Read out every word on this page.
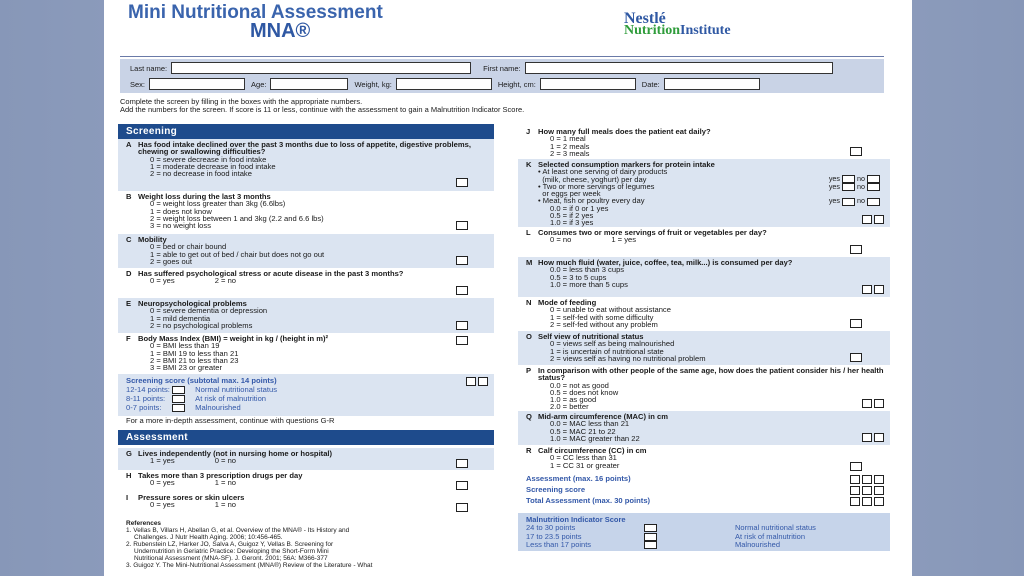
Mini Nutritional Assessment
MNA®
Nestlé
NutritionInstitute
Last name:	First name:
Sex:	Age:	Weight, kg:	Height, cm:	Date:
Complete the screen by filling in the boxes with the appropriate numbers.
Add the numbers for the screen. If score is 11 or less, continue with the assessment to gain a Malnutrition Indicator Score.
Screening
A Has food intake declined over the past 3 months due to loss of appetite, digestive problems, chewing or swallowing difficulties?
0 = severe decrease in food intake
1 = moderate decrease in food intake
2 = no decrease in food intake
B Weight loss during the last 3 months
0 = weight loss greater than 3kg (6.6lbs)
1 = does not know
2 = weight loss between 1 and 3kg (2.2 and 6.6 lbs)
3 = no weight loss
C Mobility
0 = bed or chair bound
1 = able to get out of bed / chair but does not go out
2 = goes out
D Has suffered psychological stress or acute disease in the past 3 months?
0 = yes	2 = no
E Neuropsychological problems
0 = severe dementia or depression
1 = mild dementia
2 = no psychological problems
F Body Mass Index (BMI) = weight in kg / (height in m)²
0 = BMI less than 19
1 = BMI 19 to less than 21
2 = BMI 21 to less than 23
3 = BMI 23 or greater
Screening score (subtotal max. 14 points)
12-14 points:	Normal nutritional status
8-11 points:	At risk of malnutrition
0-7 points:	Malnourished
For a more in-depth assessment, continue with questions G-R
Assessment
G Lives independently (not in nursing home or hospital)
1 = yes	0 = no
H Takes more than 3 prescription drugs per day
0 = yes	1 = no
I Pressure sores or skin ulcers
0 = yes	1 = no
References
1. Vellas B, Villars H, Abellan G, et al. Overview of the MNA® - Its History and
Challenges. J Nutr Health Aging. 2006; 10:456-465.
2. Rubenstein LZ, Harker JO, Salva A, Guigoz Y, Vellas B. Screening for
Undernutrition in Geriatric Practice: Developing the Short-Form Mini
Nutritional Assessment (MNA-SF). J. Geront. 2001; 56A: M366-377
3. Guigoz Y. The Mini-Nutritional Assessment (MNA®) Review of the Literature - What
J How many full meals does the patient eat daily?
0 = 1 meal
1 = 2 meals
2 = 3 meals
K Selected consumption markers for protein intake
• At least one serving of dairy products
(milk, cheese, yoghurt) per day	yes no
• Two or more servings of legumes
or eggs per week
yes no
• Meat, fish or poultry every day	yes no
0.0 = if 0 or 1 yes
0.5 = if 2 yes
1.0 = if 3 yes
L Consumes two or more servings of fruit or vegetables per day?
0 = no	1 = yes
M How much fluid (water, juice, coffee, tea, milk...) is consumed per day?
0.0 = less than 3 cups
0.5 = 3 to 5 cups
1.0 = more than 5 cups
N Mode of feeding
0 = unable to eat without assistance
1 = self-fed with some difficulty
2 = self-fed without any problem
O Self view of nutritional status
0 = views self as being malnourished
1 = is uncertain of nutritional state
2 = views self as having no nutritional problem
P In comparison with other people of the same age, how does the patient consider his / her health status?
0.0 = not as good
0.5 = does not know
1.0 = as good
2.0 = better
Q Mid-arm circumference (MAC) in cm
0.0 = MAC less than 21
0.5 = MAC 21 to 22
1.0 = MAC greater than 22
R Calf circumference (CC) in cm
0 = CC less than 31
1 = CC 31 or greater
Assessment (max. 16 points)
Screening score
Total Assessment (max. 30 points)
Malnutrition Indicator Score
24 to 30 points	Normal nutritional status
17 to 23.5 points	At risk of malnutrition
Less than 17 points	Malnourished
